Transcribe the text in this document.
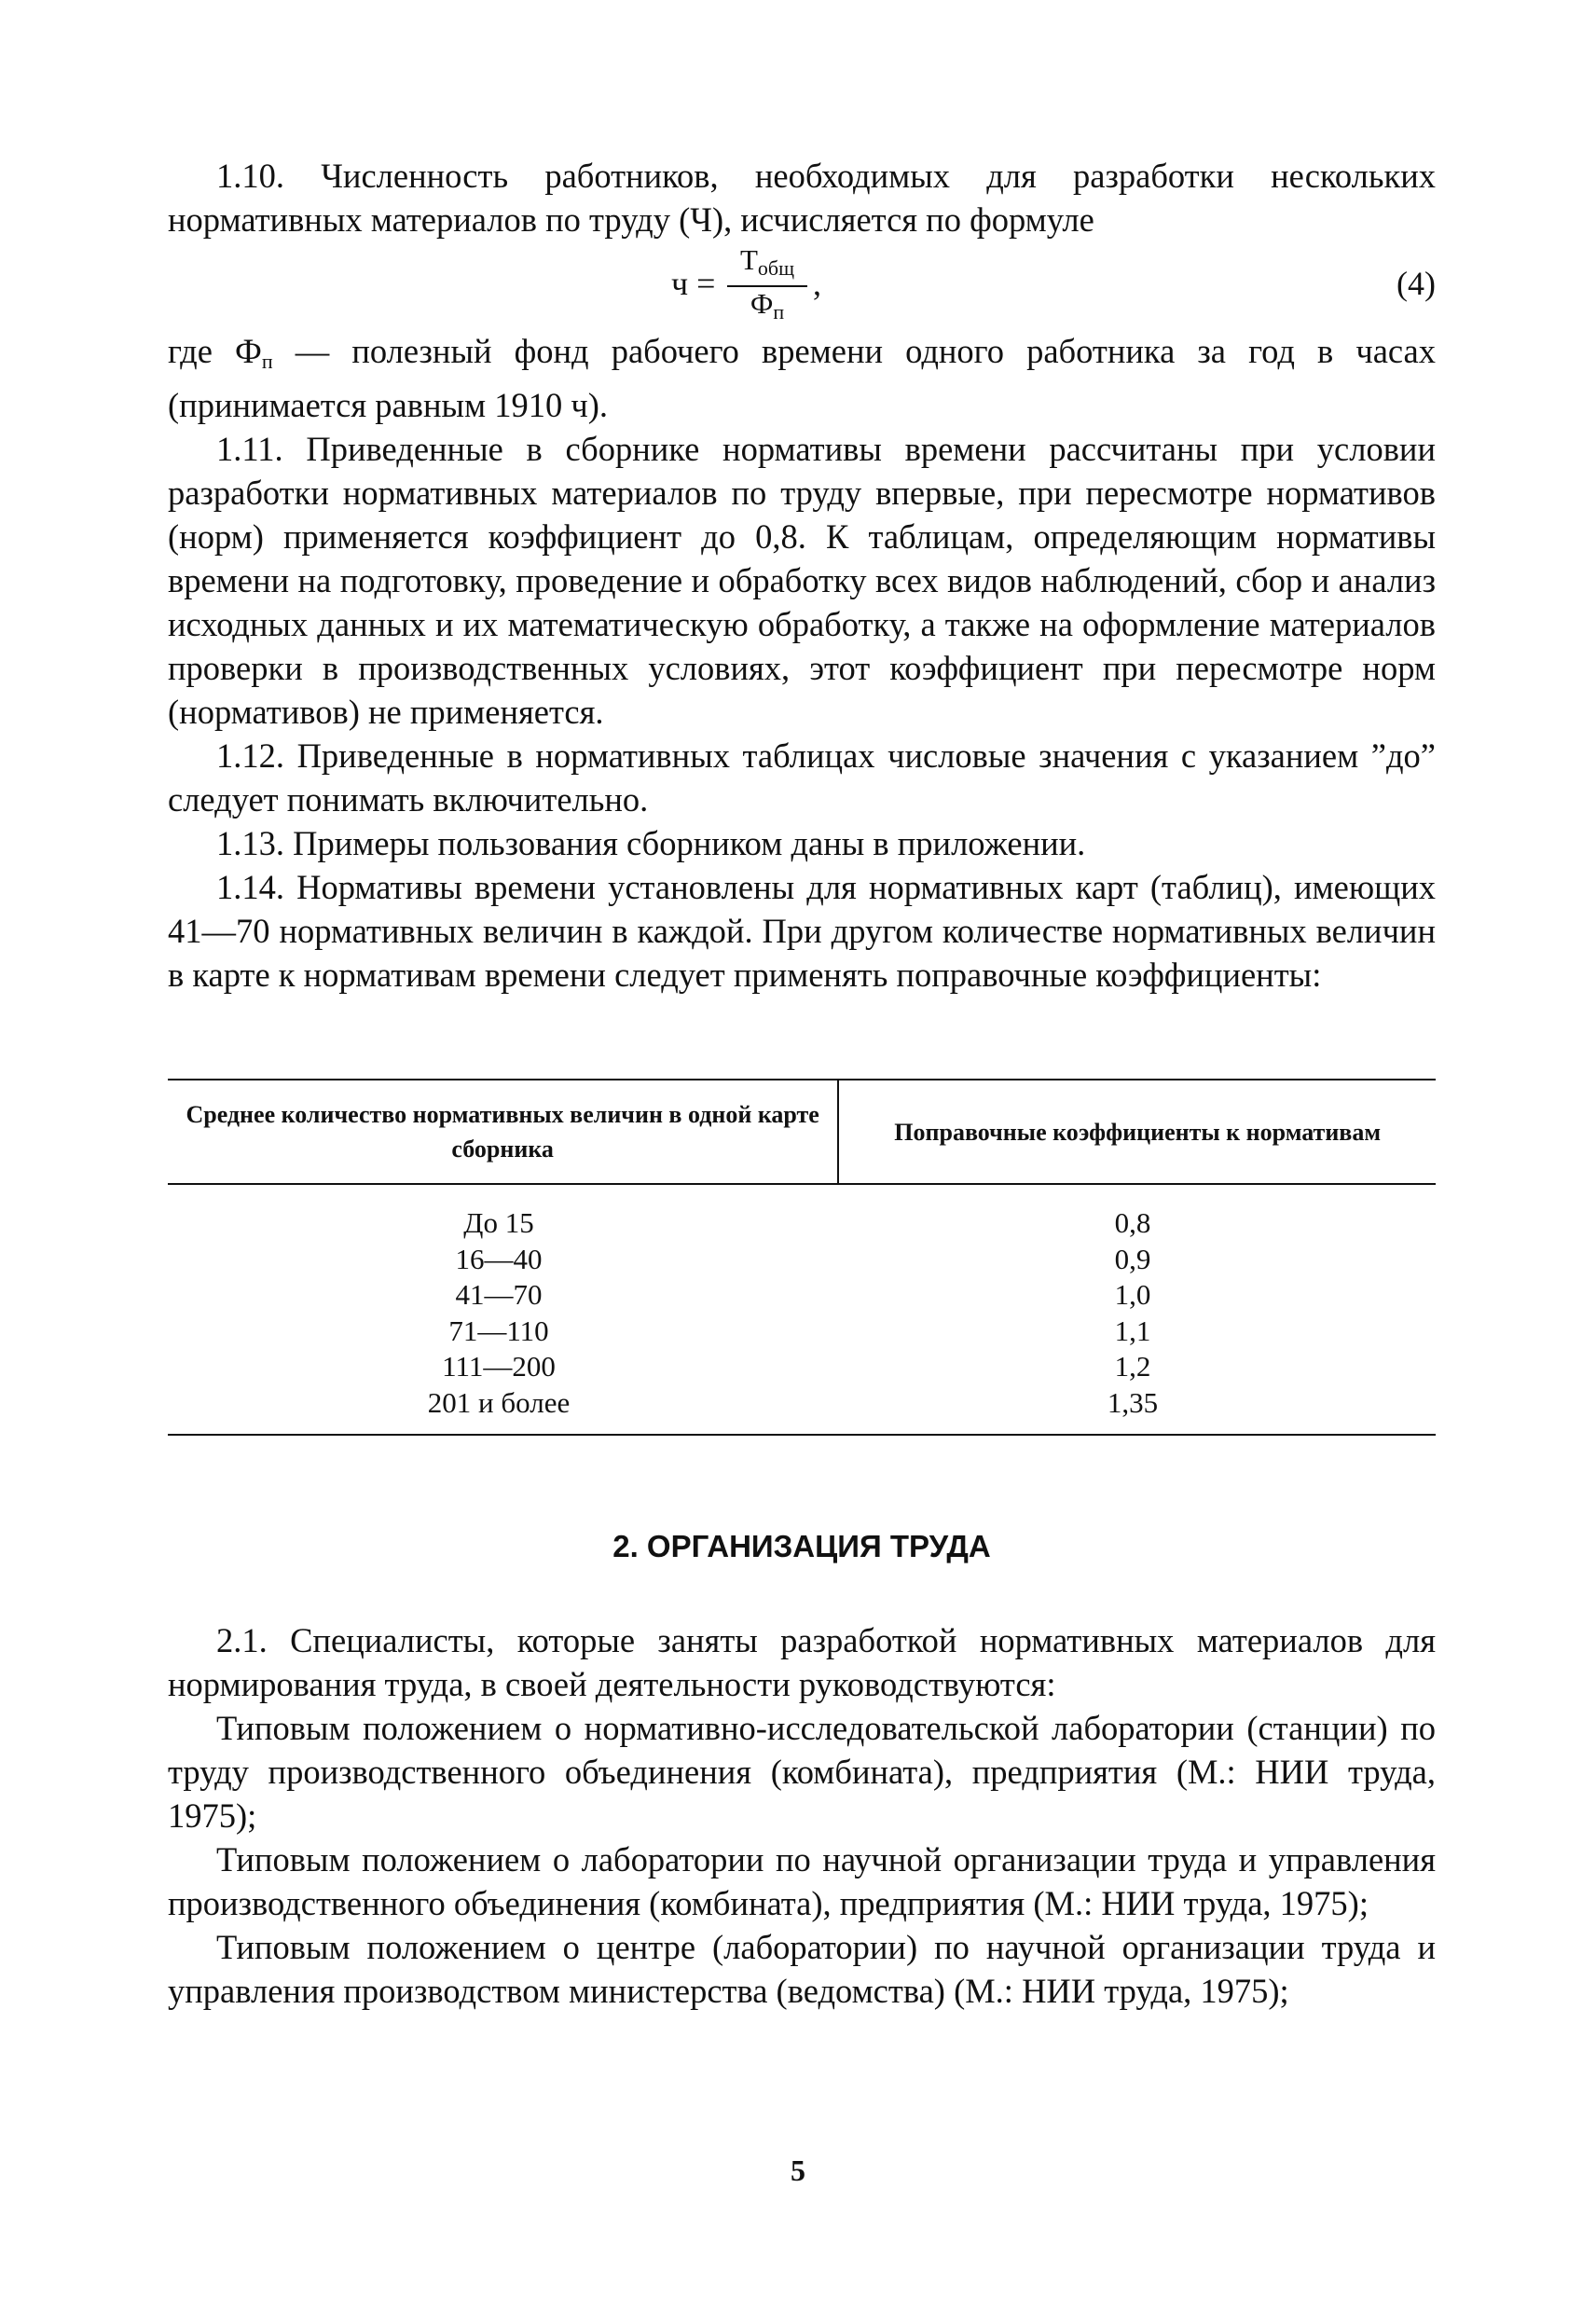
1.10. Численность работников, необходимых для разработки нескольких нормативных материалов по труду (Ч), исчисляется по формуле

ч =
$Т_{общ}$
$Ф_п$
,	(4)

где $Ф_п$ — полезный фонд рабочего времени одного работника за год в часах (принимается равным 1910 ч).

1.11. Приведенные в сборнике нормативы времени рассчитаны при условии разработки нормативных материалов по труду впервые, при пересмотре нормативов (норм) применяется коэффициент до 0,8. К таблицам, определяющим нормативы времени на подготовку, проведение и обработку всех видов наблюдений, сбор и анализ исходных данных и их математическую обработку, а также на оформление материалов проверки в производственных условиях, этот коэффициент при пересмотре норм (нормативов) не применяется.

1.12. Приведенные в нормативных таблицах числовые значения с указанием ”до” следует понимать включительно.

1.13. Примеры пользования сборником даны в приложении.

1.14. Нормативы времени установлены для нормативных карт (таблиц), имеющих 41—70 нормативных величин в каждой. При другом количестве нормативных величин в карте к нормативам времени следует применять поправочные коэффициенты:

Среднее количество нормативных величин в одной карте сборника
Поправочные коэффициенты к нормативам
До 15	0,8
16—40	0,9
41—70	1,0
71—110	1,1
111—200	1,2
201 и более	1,35
2. ОРГАНИЗАЦИЯ ТРУДА

2.1. Специалисты, которые заняты разработкой нормативных материалов для нормирования труда, в своей деятельности руководствуются:

Типовым положением о нормативно-исследовательской лаборатории (станции) по труду производственного объединения (комбината), предприятия (М.: НИИ труда, 1975);

Типовым положением о лаборатории по научной организации труда и управления производственного объединения (комбината), предприятия (М.: НИИ труда, 1975);

Типовым положением о центре (лаборатории) по научной организации труда и управления производством министерства (ведомства) (М.: НИИ труда, 1975);

5
